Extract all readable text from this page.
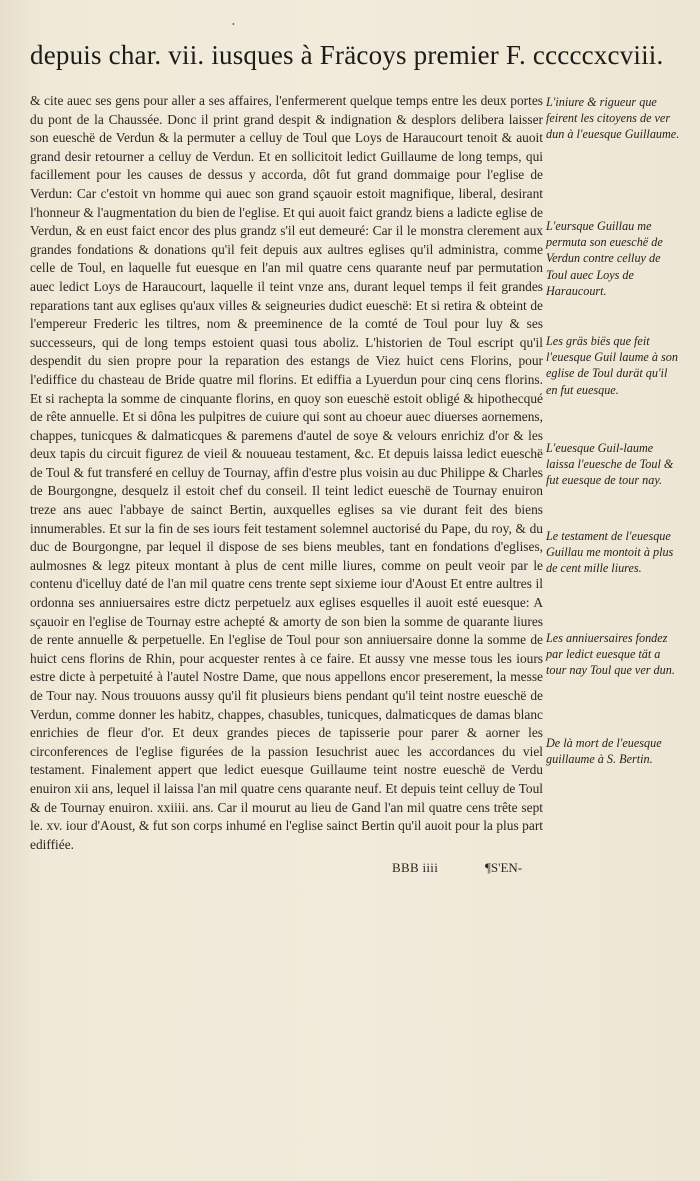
•
depuis char. vii. iusques à Fräcoys premier F. cccccxcviii.

& cite auec ses gens pour aller a ses affaires, l'enfermerent quelque temps entre les deux portes du pont de la Chaussée. Donc il print grand despit & indignation & desplors delibera laisser son eueschë de Verdun & la permuter a celluy de Toul que Loys de Haraucourt tenoit & auoit grand desir retourner a celluy de Verdun. Et en sollicitoit ledict Guillaume de long temps, qui facillement pour les causes de dessus y accorda, dôt fut grand dommaige pour l'eglise de Verdun: Car c'estoit vn homme qui auec son grand sçauoir estoit magnifique, liberal, desirant l'honneur & l'augmentation du bien de l'eglise. Et qui auoit faict grandz biens a ladicte eglise de Verdun, & en eust faict encor des plus grandz s'il eut demeuré: Car il le monstra clerement aux grandes fondations & donations qu'il feit depuis aux aultres eglises qu'il administra, comme celle de Toul, en laquelle fut euesque en l'an mil quatre cens quarante neuf par permutation auec ledict Loys de Haraucourt, laquelle il teint vnze ans, durant lequel temps il feit grandes reparations tant aux eglises qu'aux villes & seigneuries dudict eueschë: Et si retira & obteint de l'empereur Frederic les tiltres, nom & preeminence de la comté de Toul pour luy & ses successeurs, qui de long temps estoient quasi tous aboliz. L'historien de Toul escript qu'il despendit du sien propre pour la reparation des estangs de Viez huict cens Florins, pour l'ediffice du chasteau de Bride quatre mil florins. Et ediffia a Lyuerdun pour cinq cens florins. Et si rachepta la somme de cinquante florins, en quoy son eueschë estoit obligé & hipothecqué de rête annuelle. Et si dôna les pulpitres de cuiure qui sont au choeur auec diuerses aornemens, chappes, tunicques & dalmaticques & paremens d'autel de soye & velours enrichiz d'or & les deux tapis du circuit figurez de vieil & nouueau testament, &c. Et depuis laissa ledict eueschë de Toul & fut transferé en celluy de Tournay, affin d'estre plus voisin au duc Philippe & Charles de Bourgongne, desquelz il estoit chef du conseil. Il teint ledict eueschë de Tournay enuiron treze ans auec l'abbaye de sainct Bertin, auxquelles eglises sa vie durant feit des biens innumerables. Et sur la fin de ses iours feit testament solemnel auctorisé du Pape, du roy, & du duc de Bourgongne, par lequel il dispose de ses biens meubles, tant en fondations d'eglises, aulmosnes & legz piteux montant à plus de cent mille liures, comme on peult veoir par le contenu d'icelluy daté de l'an mil quatre cens trente sept sixieme iour d'Aoust Et entre aultres il ordonna ses anniuersaires estre dictz perpetuelz aux eglises esquelles il auoit esté euesque: A sçauoir en l'eglise de Tournay estre achepté & amorty de son bien la somme de quarante liures de rente annuelle & perpetuelle. En l'eglise de Toul pour son anniuersaire donne la somme de huict cens florins de Rhin, pour acquester rentes à ce faire. Et aussy vne messe tous les iours estre dicte à perpetuité à l'autel Nostre Dame, que nous appellons encor preserement, la messe de Tour nay. Nous trouuons aussy qu'il fit plusieurs biens pendant qu'il teint nostre eueschë de Verdun, comme donner les habitz, chappes, chasubles, tunicques, dalmaticques de damas blanc enrichies de fleur d'or. Et deux grandes pieces de tapisserie pour parer & aorner les circonferences de l'eglise figurées de la passion Iesuchrist auec les accordances du viel testament. Finalement appert que ledict euesque Guillaume teint nostre eueschë de Verdu enuiron xii ans, lequel il laissa l'an mil quatre cens quarante neuf. Et depuis teint celluy de Toul & de Tournay enuiron. xxiiii. ans. Car il mourut au lieu de Gand l'an mil quatre cens trête sept le. xv. iour d'Aoust, & fut son corps inhumé en l'eglise sainct Bertin qu'il auoit pour la plus part ediffiée.

L'iniure & rigueur que feirent les citoyens de ver dun à l'euesque Guillaume.
L'eursque Guillau me permuta son eueschë de Verdun contre celluy de Toul auec Loys de Haraucourt.
Les gräs biës que feit l'euesque Guil laume à son eglise de Toul durät qu'il en fut euesque.
L'euesque Guil-laume laissa l'euesche de Toul & fut euesque de tour nay.
Le testament de l'euesque Guillau me montoit à plus de cent mille liures.
Les anniuersaires fondez par ledict euesque tät a tour nay Toul que ver dun.
De là mort de l'euesque guillaume à S. Bertin.
BBB iiii	¶S'EN-
